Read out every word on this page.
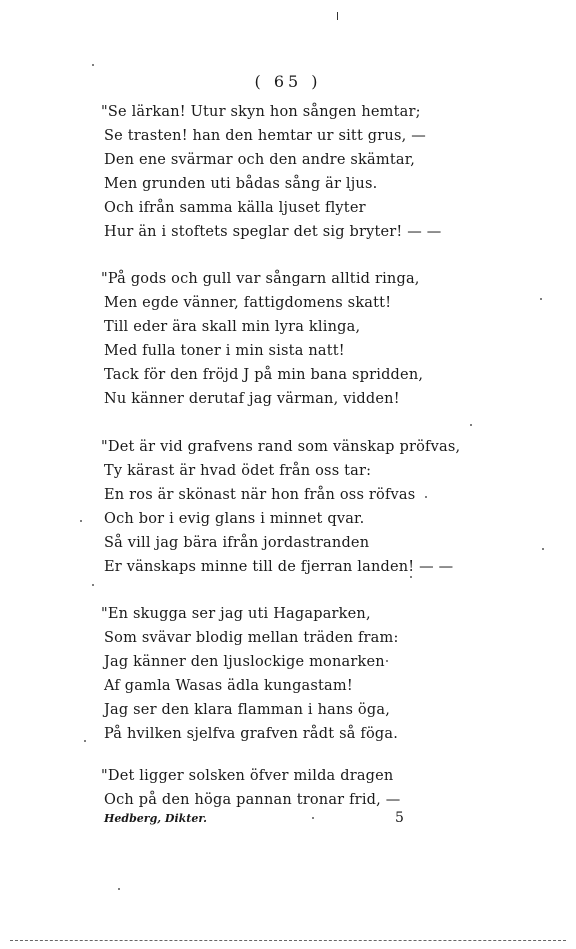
( 65 )
"Se lärkan! Utur skyn hon sången hemtar;
Se trasten! han den hemtar ur sitt grus, —
Den ene svärmar och den andre skämtar,
Men grunden uti bådas sång är ljus.
Och ifrån samma källa ljuset flyter
Hur än i stoftets speglar det sig bryter! — —
"På gods och gull var sångarn alltid ringa,
Men egde vänner, fattigdomens skatt!
Till eder ära skall min lyra klinga,
Med fulla toner i min sista natt!
Tack för den fröjd J på min bana spridden,
Nu känner derutaf jag värman, vidden!
"Det är vid grafvens rand som vänskap pröfvas,
Ty kärast är hvad ödet från oss tar:
En ros är skönast när hon från oss röfvas
Och bor i evig glans i minnet qvar.
Så vill jag bära ifrån jordastranden
Er vänskaps minne till de fjerran landen! — —
"En skugga ser jag uti Hagaparken,
Som svävar blodig mellan träden fram:
Jag känner den ljuslockige monarken
Af gamla Wasas ädla kungastam!
Jag ser den klara flamman i hans öga,
På hvilken sjelfva grafven rådt så föga.
"Det ligger solsken öfver milda dragen
Och på den höga pannan tronar frid, —
Hedberg, Dikter.	5
